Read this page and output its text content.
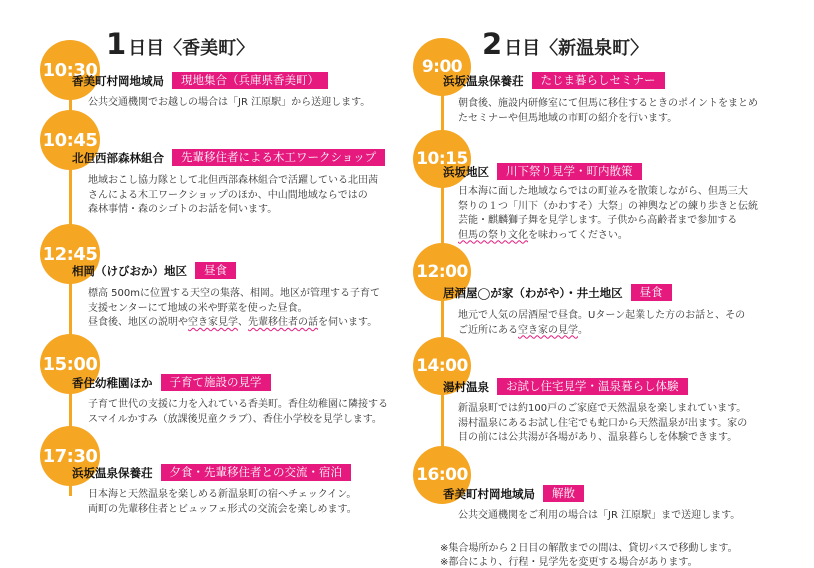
1 日目〈香美町〉
10:30
香美町村岡地域局	現地集合（兵庫県香美町）
公共交通機関でお越しの場合は「JR 江原駅」から送迎します。
10:45
北但西部森林組合	先輩移住者による木工ワークショップ
地域おこし協力隊として北但西部森林組合で活躍している北田茜
さんによる木工ワークショップのほか、中山間地域ならではの
森林事情・森のシゴトのお話を伺います。
12:45
相岡（けびおか）地区	昼食
標高 500mに位置する天空の集落、相岡。地区が管理する子育て
支援センターにて地域の米や野菜を使った昼食。
昼食後、地区の説明や空き家見学、先輩移住者の話を伺います。
15:00
香住幼稚園ほか	子育て施設の見学
子育て世代の支援に力を入れている香美町。香住幼稚園に隣接する
スマイルかすみ（放課後児童クラブ）、香住小学校を見学します。
17:30
浜坂温泉保養荘	夕食・先輩移住者との交流・宿泊
日本海と天然温泉を楽しめる新温泉町の宿へチェックイン。
両町の先輩移住者とビュッフェ形式の交流会を楽しめます。
2 日目〈新温泉町〉
9:00
浜坂温泉保養荘	たじま暮らしセミナー
朝食後、施設内研修室にて但馬に移住するときのポイントをまとめ
たセミナーや但馬地域の市町の紹介を行います。
10:15
浜坂地区	川下祭り見学・町内散策
日本海に面した地域ならではの町並みを散策しながら、但馬三大
祭りの１つ「川下（かわすそ）大祭」の神輿などの練り歩きと伝統
芸能・麒麟獅子舞を見学します。子供から高齢者まで参加する
但馬の祭り文化を味わってください。
12:00
居酒屋◯が家（わがや）・井土地区	昼食
地元で人気の居酒屋で昼食。Uターン起業した方のお話と、その
ご近所にある空き家の見学。
14:00
湯村温泉	お試し住宅見学・温泉暮らし体験
新温泉町では約100戸のご家庭で天然温泉を楽しまれています。
湯村温泉にあるお試し住宅でも蛇口から天然温泉が出ます。家の
目の前には公共湯が各場があり、温泉暮らしを体験できます。
16:00
香美町村岡地域局	解散
公共交通機関をご利用の場合は「JR 江原駅」まで送迎します。
※集合場所から２日目の解散までの間は、貸切バスで移動します。
※都合により、行程・見学先を変更する場合があります。
